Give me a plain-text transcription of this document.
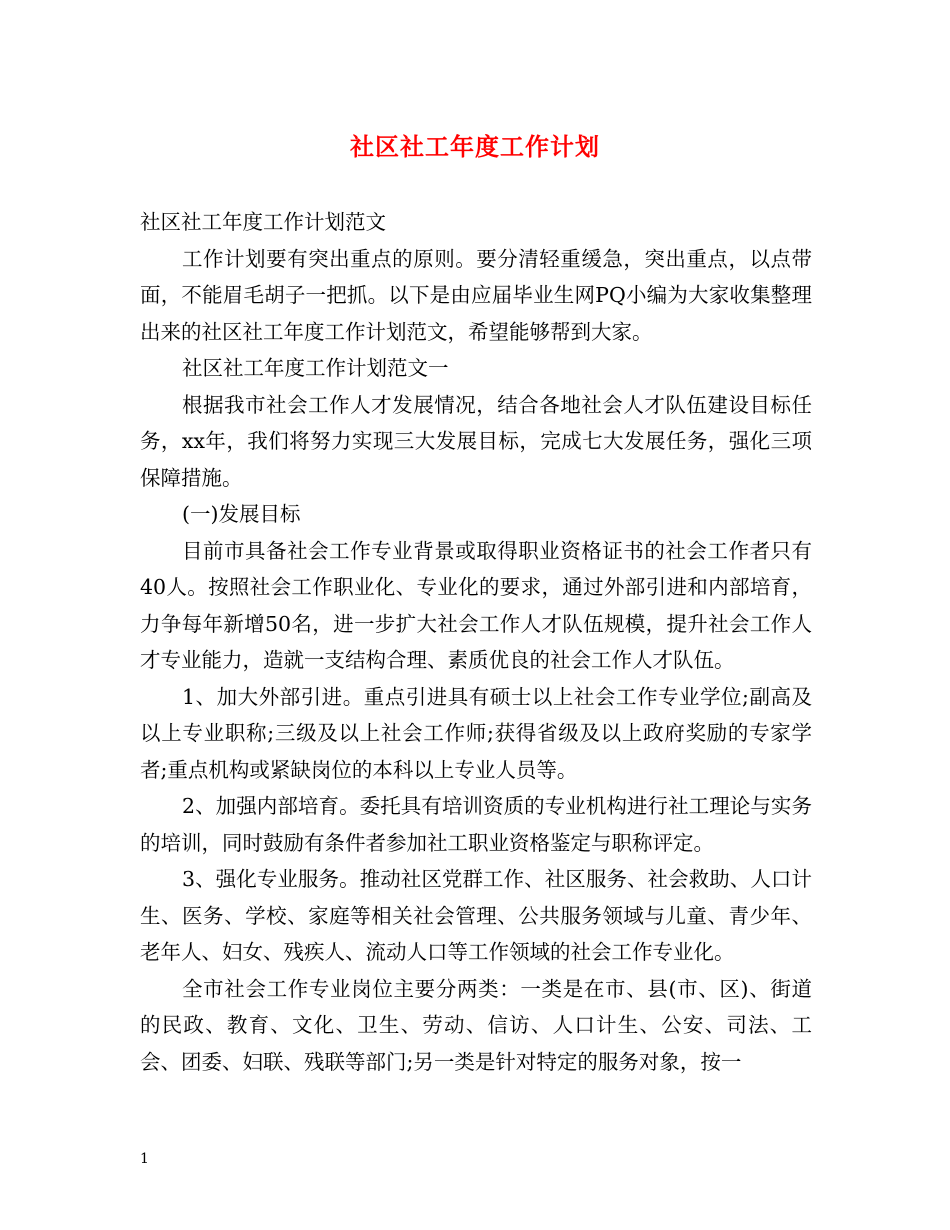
社区社工年度工作计划

社区社工年度工作计划范文

工作计划要有突出重点的原则。要分清轻重缓急，突出重点，以点带面，不能眉毛胡子一把抓。以下是由应届毕业生网PQ小编为大家收集整理出来的社区社工年度工作计划范文，希望能够帮到大家。

社区社工年度工作计划范文一

根据我市社会工作人才发展情况，结合各地社会人才队伍建设目标任务，xx年，我们将努力实现三大发展目标，完成七大发展任务，强化三项保障措施。

(一)发展目标

目前市具备社会工作专业背景或取得职业资格证书的社会工作者只有40人。按照社会工作职业化、专业化的要求，通过外部引进和内部培育，力争每年新增50名，进一步扩大社会工作人才队伍规模，提升社会工作人才专业能力，造就一支结构合理、素质优良的社会工作人才队伍。

1、加大外部引进。重点引进具有硕士以上社会工作专业学位;副高及以上专业职称;三级及以上社会工作师;获得省级及以上政府奖励的专家学者;重点机构或紧缺岗位的本科以上专业人员等。

2、加强内部培育。委托具有培训资质的专业机构进行社工理论与实务的培训，同时鼓励有条件者参加社工职业资格鉴定与职称评定。

3、强化专业服务。推动社区党群工作、社区服务、社会救助、人口计生、医务、学校、家庭等相关社会管理、公共服务领域与儿童、青少年、老年人、妇女、残疾人、流动人口等工作领域的社会工作专业化。

全市社会工作专业岗位主要分两类：一类是在市、县(市、区)、街道的民政、教育、文化、卫生、劳动、信访、人口计生、公安、司法、工会、团委、妇联、残联等部门;另一类是针对特定的服务对象，按一

1
